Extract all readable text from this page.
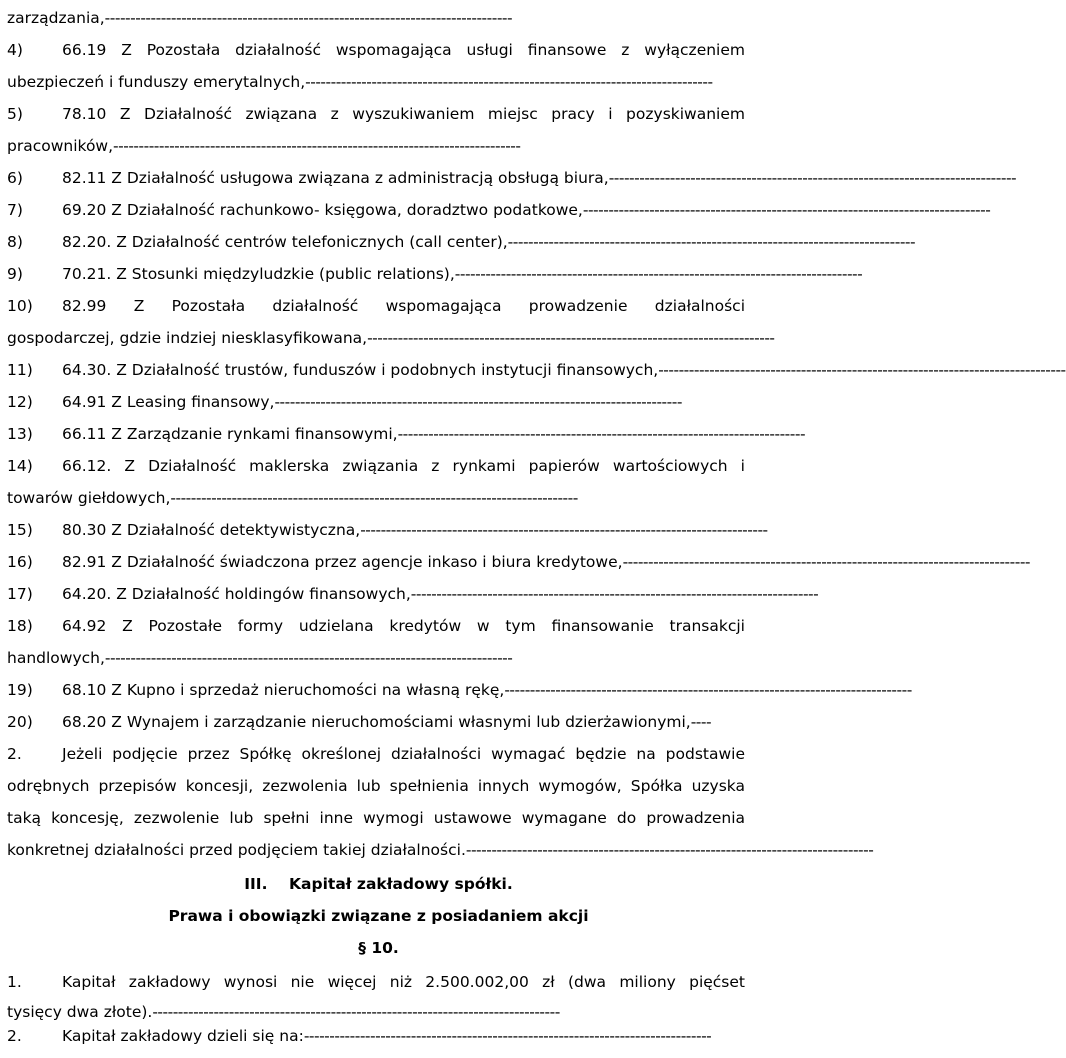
zarządzania,--------------------------------------------------------------------------------
4)	66.19 Z Pozostała działalność wspomagająca usługi finansowe z wyłączeniem
ubezpieczeń i funduszy emerytalnych,--------------------------------------------------------------------------------
5)	78.10 Z Działalność związana z wyszukiwaniem miejsc pracy i pozyskiwaniem
pracowników,--------------------------------------------------------------------------------
6)	82.11 Z Działalność usługowa związana z administracją obsługą biura,--------------------------------------------------------------------------------
7)	69.20 Z Działalność rachunkowo- księgowa, doradztwo podatkowe,--------------------------------------------------------------------------------
8)	82.20. Z Działalność centrów telefonicznych (call center),--------------------------------------------------------------------------------
9)	70.21. Z Stosunki międzyludzkie (public relations),--------------------------------------------------------------------------------
10) 82.99 Z Pozostała działalność wspomagająca prowadzenie działalności
gospodarczej, gdzie indziej niesklasyfikowana,--------------------------------------------------------------------------------
11) 64.30. Z Działalność trustów, funduszów i podobnych instytucji finansowych,--------------------------------------------------------------------------------
12) 64.91 Z Leasing finansowy,--------------------------------------------------------------------------------
13) 66.11 Z Zarządzanie rynkami finansowymi,--------------------------------------------------------------------------------
14) 66.12. Z Działalność maklerska związania z rynkami papierów wartościowych i
towarów giełdowych,--------------------------------------------------------------------------------
15) 80.30 Z Działalność detektywistyczna,--------------------------------------------------------------------------------
16) 82.91 Z Działalność świadczona przez agencje inkaso i biura kredytowe,--------------------------------------------------------------------------------
17) 64.20. Z Działalność holdingów finansowych,--------------------------------------------------------------------------------
18) 64.92 Z Pozostałe formy udzielana kredytów w tym finansowanie transakcji
handlowych,--------------------------------------------------------------------------------
19) 68.10 Z Kupno i sprzedaż nieruchomości na własną rękę,--------------------------------------------------------------------------------
20) 68.20 Z Wynajem i zarządzanie nieruchomościami własnymi lub dzierżawionymi,----
2.	Jeżeli podjęcie przez Spółkę określonej działalności wymagać będzie na podstawie
odrębnych przepisów koncesji, zezwolenia lub spełnienia innych wymogów, Spółka uzyska
taką koncesję, zezwolenie lub spełni inne wymogi ustawowe wymagane do prowadzenia
konkretnej działalności przed podjęciem takiej działalności.--------------------------------------------------------------------------------
III.    Kapitał zakładowy spółki.
Prawa i obowiązki związane z posiadaniem akcji
§ 10.
1.	Kapitał zakładowy wynosi nie więcej niż 2.500.002,00 zł (dwa miliony pięćset
tysięcy dwa złote).--------------------------------------------------------------------------------
2.	Kapitał zakładowy dzieli się na:--------------------------------------------------------------------------------
